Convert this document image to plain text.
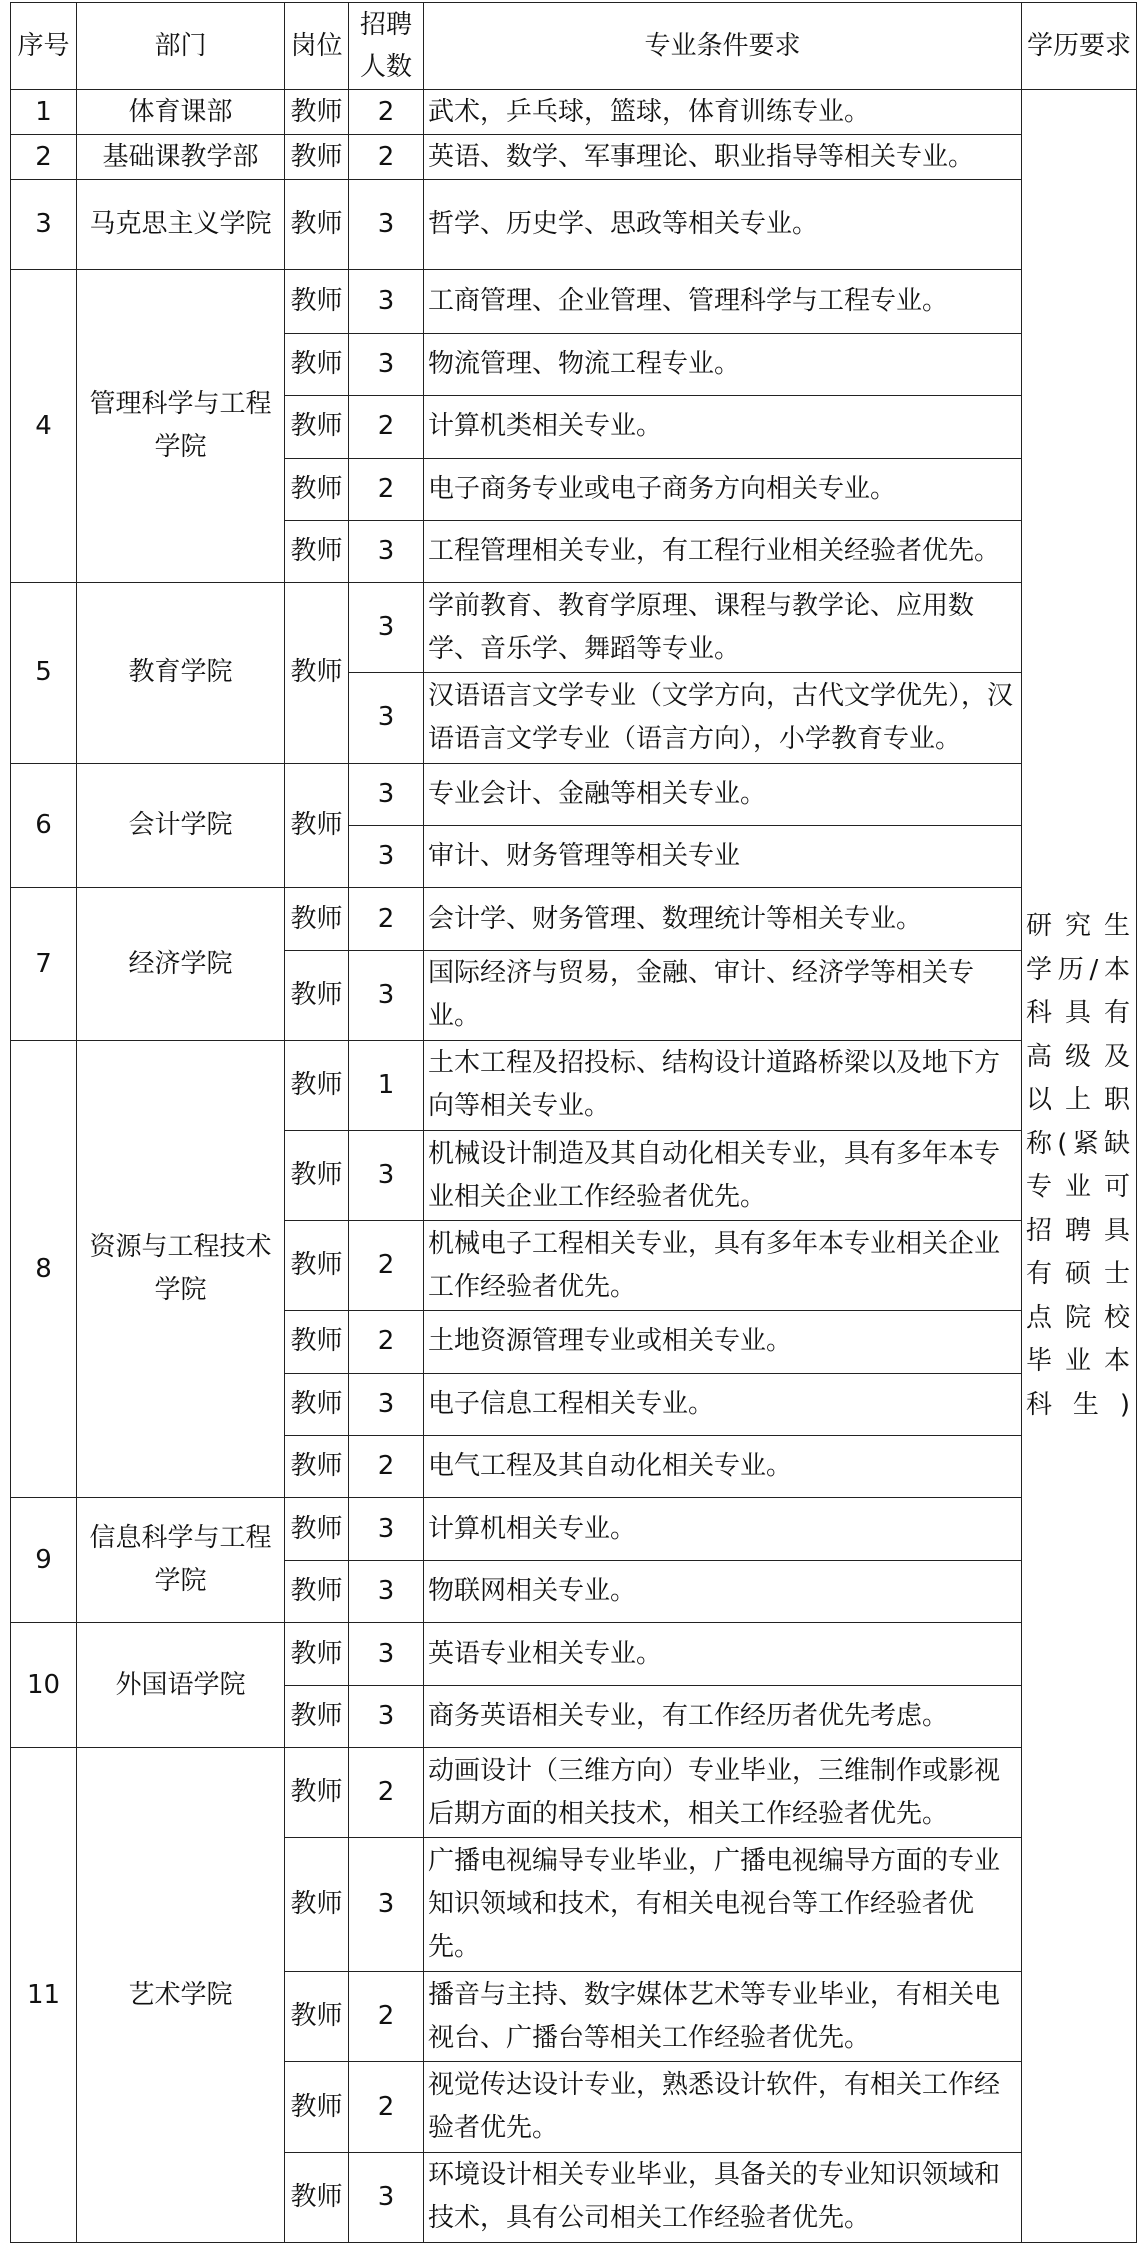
序号	部门	岗位	招聘人数	专业条件要求	学历要求
1	体育课部	教师	2	武术，乒乓球，篮球，体育训练专业。	研究生学历/本科具有高级及以上职称(紧缺专业可招聘具有硕士点院校毕业本科生)
2	基础课教学部	教师	2	英语、数学、军事理论、职业指导等相关专业。	
3	马克思主义学院	教师	3	哲学、历史学、思政等相关专业。	
4	管理科学与工程学院	教师	3	工商管理、企业管理、管理科学与工程专业。	
		教师	3	物流管理、物流工程专业。	
		教师	2	计算机类相关专业。	
		教师	2	电子商务专业或电子商务方向相关专业。	
		教师	3	工程管理相关专业，有工程行业相关经验者优先。	
5	教育学院	教师	3	学前教育、教育学原理、课程与教学论、应用数学、音乐学、舞蹈等专业。	
			3	汉语语言文学专业（文学方向，古代文学优先），汉语语言文学专业（语言方向），小学教育专业。	
6	会计学院	教师	3	专业会计、金融等相关专业。	
			3	审计、财务管理等相关专业	
7	经济学院	教师	2	会计学、财务管理、数理统计等相关专业。	
		教师	3	国际经济与贸易，金融、审计、经济学等相关专业。	
8	资源与工程技术学院	教师	1	土木工程及招投标、结构设计道路桥梁以及地下方向等相关专业。	
		教师	3	机械设计制造及其自动化相关专业，具有多年本专业相关企业工作经验者优先。	
		教师	2	机械电子工程相关专业，具有多年本专业相关企业工作经验者优先。	
		教师	2	土地资源管理专业或相关专业。	
		教师	3	电子信息工程相关专业。	
		教师	2	电气工程及其自动化相关专业。	
9	信息科学与工程学院	教师	3	计算机相关专业。	
		教师	3	物联网相关专业。	
10	外国语学院	教师	3	英语专业相关专业。	
		教师	3	商务英语相关专业，有工作经历者优先考虑。	
11	艺术学院	教师	2	动画设计（三维方向）专业毕业，三维制作或影视后期方面的相关技术，相关工作经验者优先。	
		教师	3	广播电视编导专业毕业，广播电视编导方面的专业知识领域和技术，有相关电视台等工作经验者优先。	
		教师	2	播音与主持、数字媒体艺术等专业毕业，有相关电视台、广播台等相关工作经验者优先。	
		教师	2	视觉传达设计专业，熟悉设计软件，有相关工作经验者优先。	
		教师	3	环境设计相关专业毕业，具备关的专业知识领域和技术，具有公司相关工作经验者优先。	
